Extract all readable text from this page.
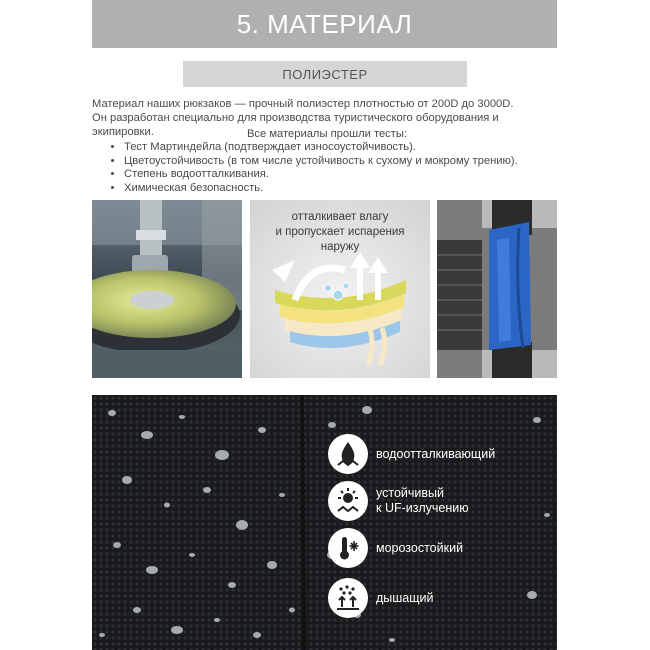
5. МАТЕРИАЛ
ПОЛИЭСТЕР

Материал наших рюкзаков — прочный полиэстер плотностью от 200D до 3000D.

Он разработан специально для производства туристического оборудования и экипировки.	Все материалы прошли тесты:
• Тест Мартиндейла (подтверждает износоустойчивость).
• Цветоустойчивость (в том числе устойчивость к сухому и мокрому трению).
• Степень водоотталкивания.
• Химическая безопасность.
отталкивает влагу
и пропускает испарения
наружу
водоотталкивающий
устойчивый
к UF-излучению
морозостойкий
дышащий
